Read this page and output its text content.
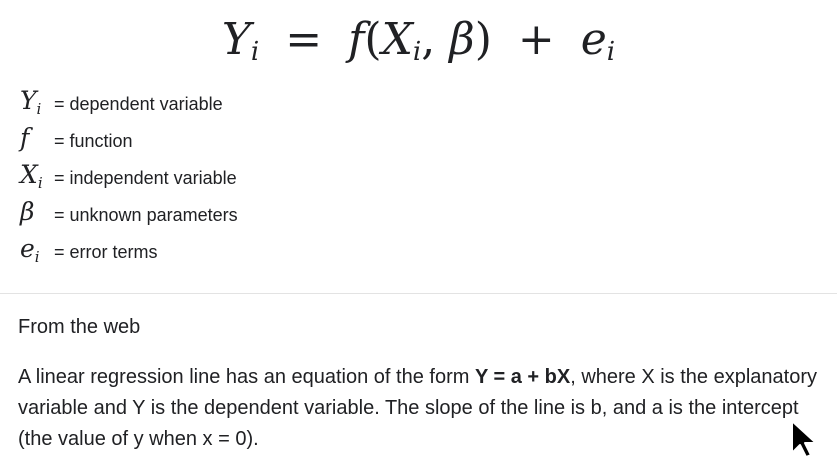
$Y_i = f(X_i$, $\beta) + e_i$
$Y_i$ = dependent variable
f	= function
$X_i$ = independent variable
β	= unknown parameters
$e_i$ = error terms
From the web
A linear regression line has an equation of the form Y = a + bX, where X is the explanatory variable and Y is the dependent variable. The slope of the line is b, and a is the intercept (the value of y when x = 0).
